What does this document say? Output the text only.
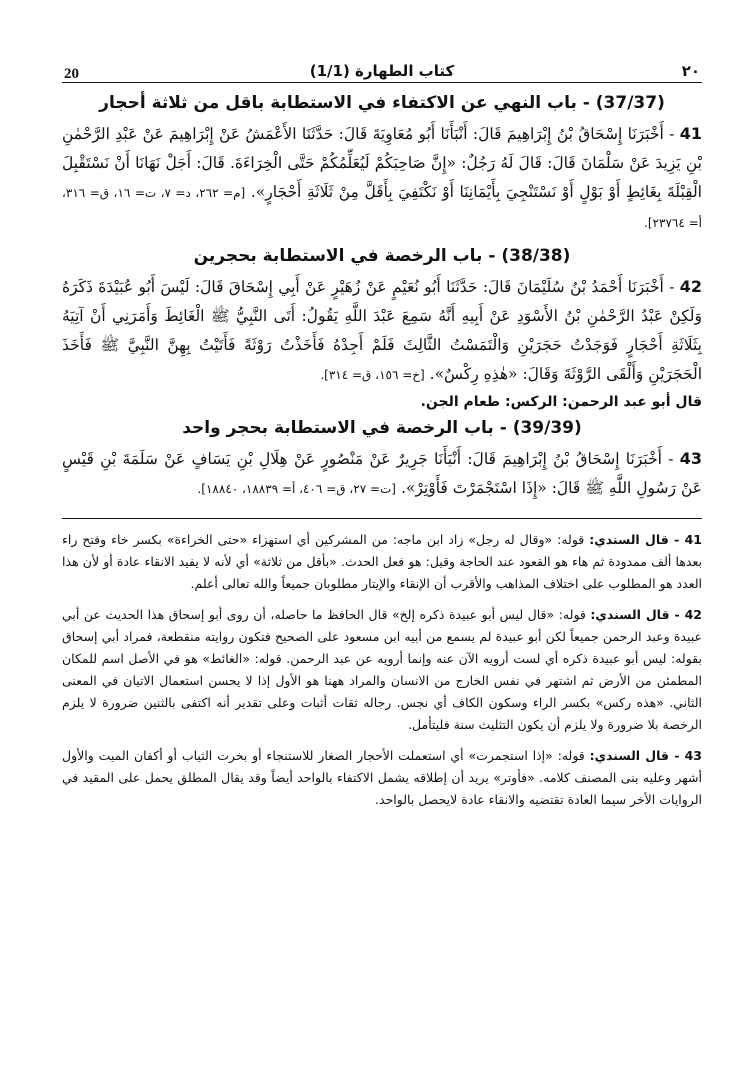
20	(1/1) كتاب الطهارة	٢٠
(37/37) - باب النهي عن الاكتفاء في الاستطابة باقل من ثلاثة أحجار

41 - أَخْبَرَنَا إِسْحَاقُ بْنُ إِبْرَاهِيمَ قَالَ: أَنْبَأَنَا أَبُو مُعَاوِيَةَ قَالَ: حَدَّثَنَا الأَعْمَشُ عَنْ إِبْرَاهِيمَ عَنْ عَبْدِ الرَّحْمٰنِ بْنِ يَزِيدَ عَنْ سَلْمَانَ قَالَ: قَالَ لَهُ رَجُلٌ: «إِنَّ صَاحِبَكُمْ لَيُعَلِّمُكُمْ حَتَّى الْخِرَاءَةَ. قَالَ: أَجَلْ نَهَانَا أَنْ نَسْتَقْبِلَ الْقِبْلَةَ بِغَائِطٍ أَوْ بَوْلٍ أَوْ نَسْتَنْجِيَ بِأَيْمَانِنَا أَوْ نَكْتَفِيَ بِأَقَلَّ مِنْ ثَلَاثَةِ أَحْجَارٍ». [م= ٢٦٢، د= ٧، ت= ١٦، ق= ٣١٦، أ= ٢٣٧٦٤].

(38/38) - باب الرخصة في الاستطابة بحجرين

42 - أَخْبَرَنَا أَحْمَدُ بْنُ سُلَيْمَانَ قَالَ: حَدَّثَنَا أَبُو نُعَيْمٍ عَنْ زُهَيْرٍ عَنْ أَبِي إِسْحَاقَ قَالَ: لَيْسَ أَبُو عُبَيْدَةَ ذَكَرَهُ وَلَكِنْ عَبْدُ الرَّحْمٰنِ بْنُ الأَسْوَدِ عَنْ أَبِيهِ أَنَّهُ سَمِعَ عَبْدَ اللَّهِ يَقُولُ: أَتَى النَّبِيُّ ﷺ الْغَائِطَ وَأَمَرَنِي أَنْ آتِيَهُ بِثَلَاثَةِ أَحْجَارٍ فَوَجَدْتُ حَجَرَيْنِ وَالْتَمَسْتُ الثَّالِثَ فَلَمْ أَجِدْهُ فَأَخَذْتُ رَوْثَةً فَأَتَيْتُ بِهِنَّ النَّبِيَّ ﷺ فَأَخَذَ الْحَجَرَيْنِ وَأَلْقَى الرَّوْثَةَ وَقَالَ: «هٰذِهِ رِكْسٌ». [خ= ١٥٦، ق= ٣١٤].

قال أبو عبد الرحمن: الركس: طعام الجن.
(39/39) - باب الرخصة في الاستطابة بحجر واحد

43 - أَخْبَرَنَا إِسْحَاقُ بْنُ إِبْرَاهِيمَ قَالَ: أَنْبَأَنَا جَرِيرٌ عَنْ مَنْصُورٍ عَنْ هِلَالِ بْنِ يَسَافٍ عَنْ سَلَمَةَ بْنِ قَيْسٍ عَنْ رَسُولِ اللَّهِ ﷺ قَالَ: «إِذَا اسْتَجْمَرْتَ فَأَوْتِرْ». [ت= ٢٧، ق= ٤٠٦، أ= ١٨٨٣٩، ١٨٨٤٠].

41 - قال السندي: قوله: «وقال له رجل» زاد ابن ماجه: من المشركين أي استهزاء «حتى الخراءة» بكسر خاء وفتح راء بعدها ألف ممدودة ثم هاء هو القعود عند الحاجة وقيل: هو فعل الحدث. «بأقل من ثلاثة» أي لأنه لا يفيد الانقاء عادة أو لأن هذا العدد هو المطلوب على اختلاف المذاهب والأقرب أن الإنقاء والإيتار مطلوبان جميعاً والله تعالى أعلم.

42 - قال السندي: قوله: «قال ليس أبو عبيدة ذكره إلخ» قال الحافظ ما حاصله، أن روى أبو إسحاق هذا الحديث عن أبي عبيدة وعبد الرحمن جميعاً لكن أبو عبيدة لم يسمع من أبيه ابن مسعود على الصحيح فتكون روايته منقطعة، فمراد أبي إسحاق بقوله: ليس أبو عبيدة ذكره أي لست أرويه الآن عنه وإنما أرويه عن عبد الرحمن. قوله: «الغائط» هو في الأصل اسم للمكان المطمئن من الأرض ثم اشتهر في نفس الخارج من الانسان والمراد ههنا هو الأول إذا لا يحسن استعمال الاتيان في المعنى الثاني. «هذه ركس» بكسر الراء وسكون الكاف أي نجس. رجاله ثقات أثبات وعلى تقدير أنه اكتفى بالثنين ضرورة لا يلزم الرخصة بلا ضرورة ولا يلزم أن يكون التثليث سنة فليتأمل.

43 - قال السندي: قوله: «إذا استجمرت» أي استعملت الأحجار الصغار للاستنجاء أو بخرت الثياب أو أكفان الميت والأول أشهر وعليه بنى المصنف كلامه. «فأوتر» يريد أن إطلاقه يشمل الاكتفاء بالواحد أيضاً وقد يقال المطلق يحمل على المقيد في الروايات الأخر سيما العادة تقتضيه والانقاء عادة لايحصل بالواحد.
